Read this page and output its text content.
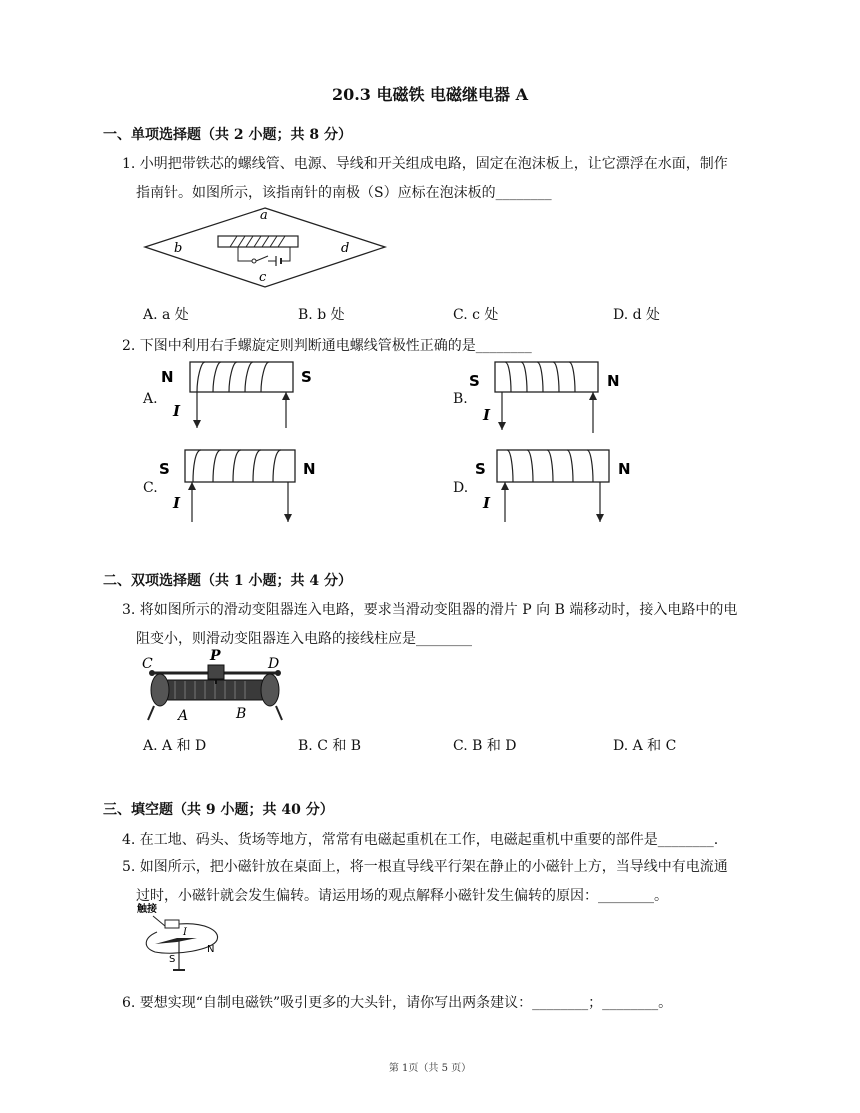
20.3 电磁铁 电磁继电器 A
一、单项选择题（共 2 小题；共 8 分）
1. 小明把带铁芯的螺线管、电源、导线和开关组成电路，固定在泡沫板上，让它漂浮在水面，制作
指南针。如图所示，该指南针的南极（S）应标在泡沫板的________
a
b
c
d
A. a 处	B. b 处	C. c 处	D. d 处
2. 下图中利用右手螺旋定则判断通电螺线管极性正确的是________
A.
N	S
I
B.
S	N
I
C.
S	N
I
D.
S	N
I
二、双项选择题（共 1 小题；共 4 分）
3. 将如图所示的滑动变阻器连入电路，要求当滑动变阻器的滑片 P 向 B 端移动时，接入电路中的电
阻变小，则滑动变阻器连入电路的接线柱应是________
C	P	D
A	B
A. A 和 D	B. C 和 B	C. B 和 D	D. A 和 C
三、填空题（共 9 小题；共 40 分）
4. 在工地、码头、货场等地方，常常有电磁起重机在工作，电磁起重机中重要的部件是________.
5. 如图所示，把小磁针放在桌面上，将一根直导线平行架在静止的小磁针上方，当导线中有电流通
过时，小磁针就会发生偏转。请运用场的观点解释小磁针发生偏转的原因：________。
触接
I
S
N
6. 要想实现“自制电磁铁”吸引更多的大头针，请你写出两条建议：________；________。
第 1页（共 5 页）
